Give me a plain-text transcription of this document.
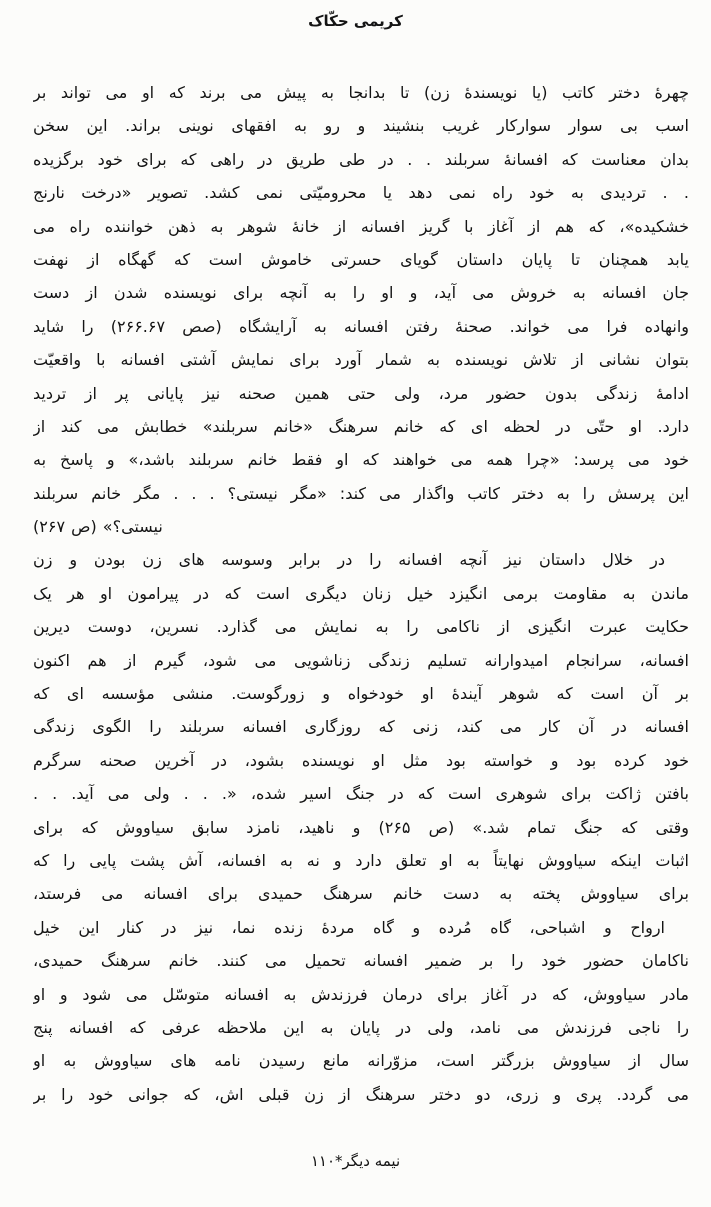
کریمی حکّاک
چهرهٔ دختر کاتب (یا نویسندهٔ زن) تا بدانجا به پیش می برند که او می تواند بر
اسب بی سوار سوارکار غریب بنشیند و رو به افقهای نوینی براند. این سخن
بدان معناست که افسانهٔ سربلند . . در طی طریق در راهی که برای خود برگزیده
. . تردیدی به خود راه نمی دهد یا محرومیّتی نمی کشد. تصویر «درخت نارنج
خشکیده»، که هم از آغاز با گریز افسانه از خانهٔ شوهر به ذهن خواننده راه می
یابد همچنان تا پایان داستان گویای حسرتی خاموش است که گهگاه از نهفت
جان افسانه به خروش می آید، و او را به آنچه برای نویسنده شدن از دست
وانهاده فرا می خواند. صحنهٔ رفتن افسانه به آرایشگاه (صص ۲۶۶.۶۷) را شاید
بتوان نشانی از تلاش نویسنده به شمار آورد برای نمایش آشتی افسانه با واقعیّت
ادامهٔ زندگی بدون حضور مرد، ولی حتی همین صحنه نیز پایانی پر از تردید
دارد. او حتّی در لحظه ای که خانم سرهنگ «خانم سربلند» خطابش می کند از
خود می پرسد: «چرا همه می خواهند که او فقط خانم سربلند باشد،» و پاسخ به
این پرسش را به دختر کاتب واگذار می کند: «مگر نیستی؟ . . . مگر خانم سربلند
نیستی؟» (ص ۲۶۷)
در خلال داستان نیز آنچه افسانه را در برابر وسوسه های زن بودن و زن
ماندن به مقاومت برمی انگیزد خیل زنان دیگری است که در پیرامون او هر یک
حکایت عبرت انگیزی از ناکامی را به نمایش می گذارد. نسرین، دوست دیرین
افسانه، سرانجام امیدوارانه تسلیم زندگی زناشویی می شود، گیرم از هم اکنون
بر آن است که شوهر آیندهٔ او خودخواه و زورگوست. منشی مؤسسه ای که
افسانه در آن کار می کند، زنی که روزگاری افسانه سربلند را الگوی زندگی
خود کرده بود و خواسته بود مثل او نویسنده بشود، در آخرین صحنه سرگرم
بافتن ژاکت برای شوهری است که در جنگ اسیر شده، «. . . ولی می آید. . .
وقتی که جنگ تمام شد.» (ص ۲۶۵) و ناهید، نامزد سابق سیاووش که برای
اثبات اینکه سیاووش نهایتاً به او تعلق دارد و نه به افسانه، آش پشت پایی را که
برای سیاووش پخته به دست خانم سرهنگ حمیدی برای افسانه می فرستد،
ارواح و اشباحی، گاه مُرده و گاه مردهٔ زنده نما، نیز در کنار این خیل
ناکامان حضور خود را بر ضمیر افسانه تحمیل می کنند. خانم سرهنگ حمیدی،
مادر سیاووش، که در آغاز برای درمان فرزندش به افسانه متوسّل می شود و او
را ناجی فرزندش می نامد، ولی در پایان به این ملاحظه عرفی که افسانه پنج
سال از سیاووش بزرگتر است، مزوّرانه مانع رسیدن نامه های سیاووش به او
می گردد. پری و زری، دو دختر سرهنگ از زن قبلی اش، که جوانی خود را بر
نیمه دیگر*۱۱۰
